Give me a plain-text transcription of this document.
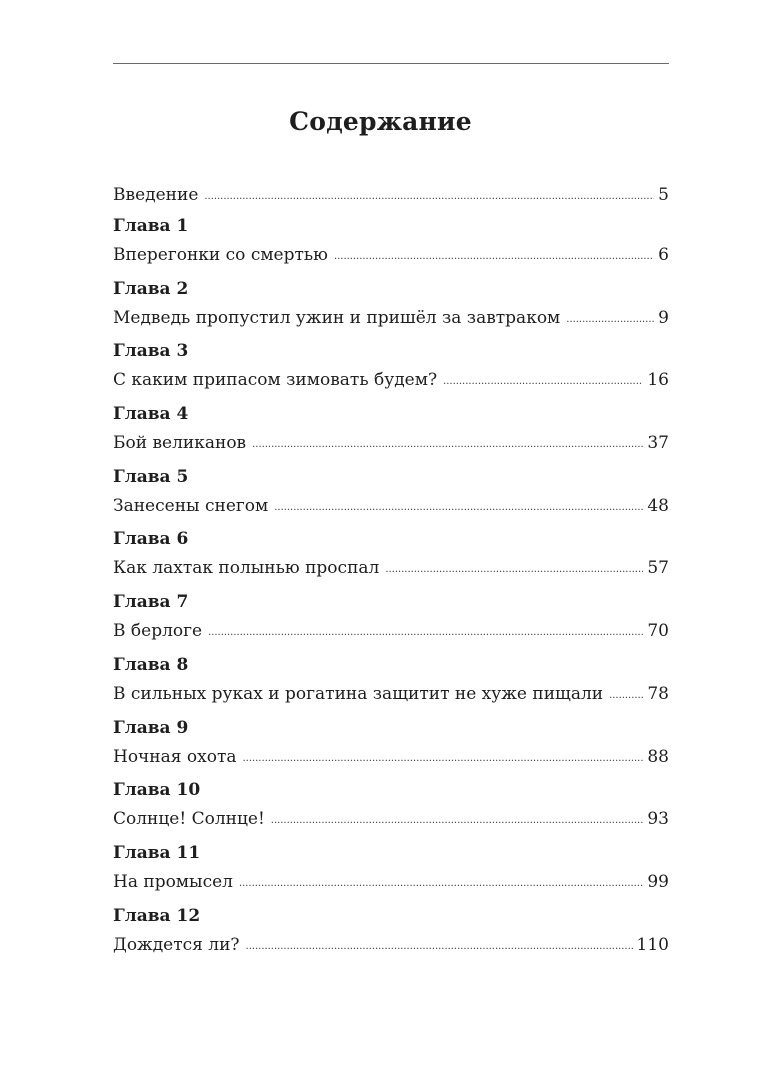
Содержание
Введение . . .	5
Глава 1
Вперегонки со смертью . . .	6
Глава 2
Медведь пропустил ужин и пришёл за завтраком . . .	9
Глава 3
С каким припасом зимовать будем? . . .	16
Глава 4
Бой великанов . . .	37
Глава 5
Занесены снегом . . .	48
Глава 6
Как лахтак полынью проспал . . .	57
Глава 7
В берлоге . . .	70
Глава 8
В сильных руках и рогатина защитит не хуже пищали . . .	78
Глава 9
Ночная охота . . .	88
Глава 10
Солнце! Солнце! . . .	93
Глава 11
На промысел . . .	99
Глава 12
Дождется ли? . . .	110
